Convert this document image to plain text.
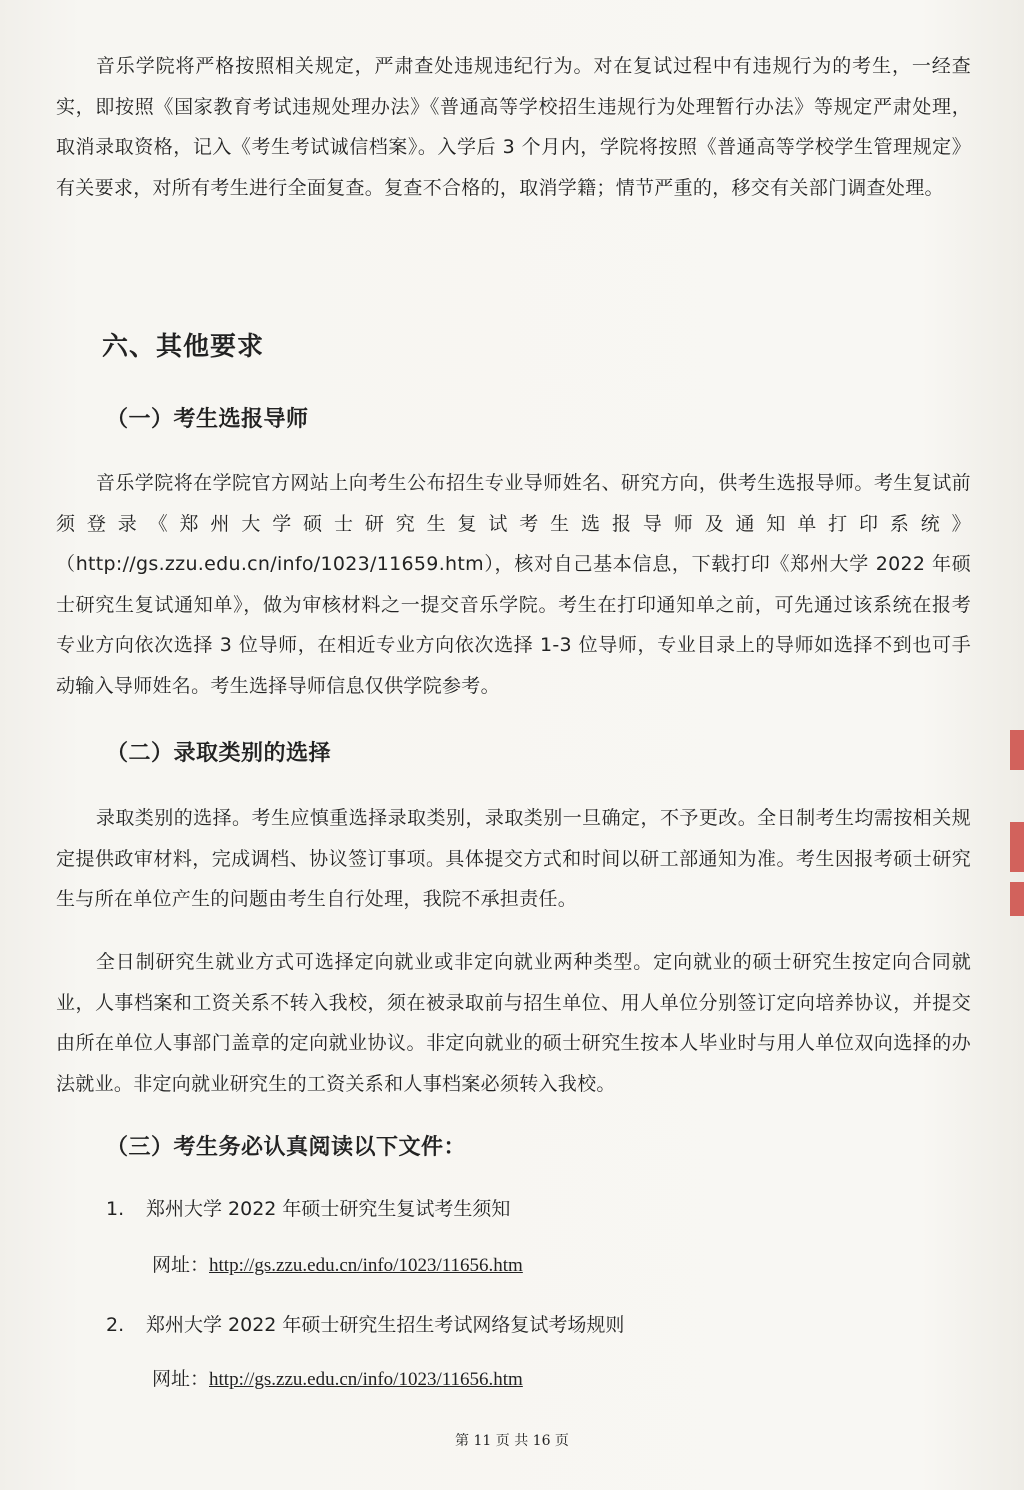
音乐学院将严格按照相关规定，严肃查处违规违纪行为。对在复试过程中有违规行为的考生，一经查实，即按照《国家教育考试违规处理办法》《普通高等学校招生违规行为处理暂行办法》等规定严肃处理，取消录取资格，记入《考生考试诚信档案》。入学后 3 个月内，学院将按照《普通高等学校学生管理规定》有关要求，对所有考生进行全面复查。复查不合格的，取消学籍；情节严重的，移交有关部门调查处理。

六、其他要求
（一）考生选报导师

音乐学院将在学院官方网站上向考生公布招生专业导师姓名、研究方向，供考生选报导师。考生复试前须登录《郑州大学硕士研究生复试考生选报导师及通知单打印系统》（http://gs.zzu.edu.cn/info/1023/11659.htm），核对自己基本信息，下载打印《郑州大学 2022 年硕士研究生复试通知单》，做为审核材料之一提交音乐学院。考生在打印通知单之前，可先通过该系统在报考专业方向依次选择 3 位导师，在相近专业方向依次选择 1-3 位导师，专业目录上的导师如选择不到也可手动输入导师姓名。考生选择导师信息仅供学院参考。

（二）录取类别的选择

录取类别的选择。考生应慎重选择录取类别，录取类别一旦确定，不予更改。全日制考生均需按相关规定提供政审材料，完成调档、协议签订事项。具体提交方式和时间以研工部通知为准。考生因报考硕士研究生与所在单位产生的问题由考生自行处理，我院不承担责任。

全日制研究生就业方式可选择定向就业或非定向就业两种类型。定向就业的硕士研究生按定向合同就业，人事档案和工资关系不转入我校，须在被录取前与招生单位、用人单位分别签订定向培养协议，并提交由所在单位人事部门盖章的定向就业协议。非定向就业的硕士研究生按本人毕业时与用人单位双向选择的办法就业。非定向就业研究生的工资关系和人事档案必须转入我校。

（三）考生务必认真阅读以下文件：

1. 郑州大学 2022 年硕士研究生复试考生须知

网址：http://gs.zzu.edu.cn/info/1023/11656.htm

2. 郑州大学 2022 年硕士研究生招生考试网络复试考场规则

网址：http://gs.zzu.edu.cn/info/1023/11656.htm

第 11 页 共 16 页
